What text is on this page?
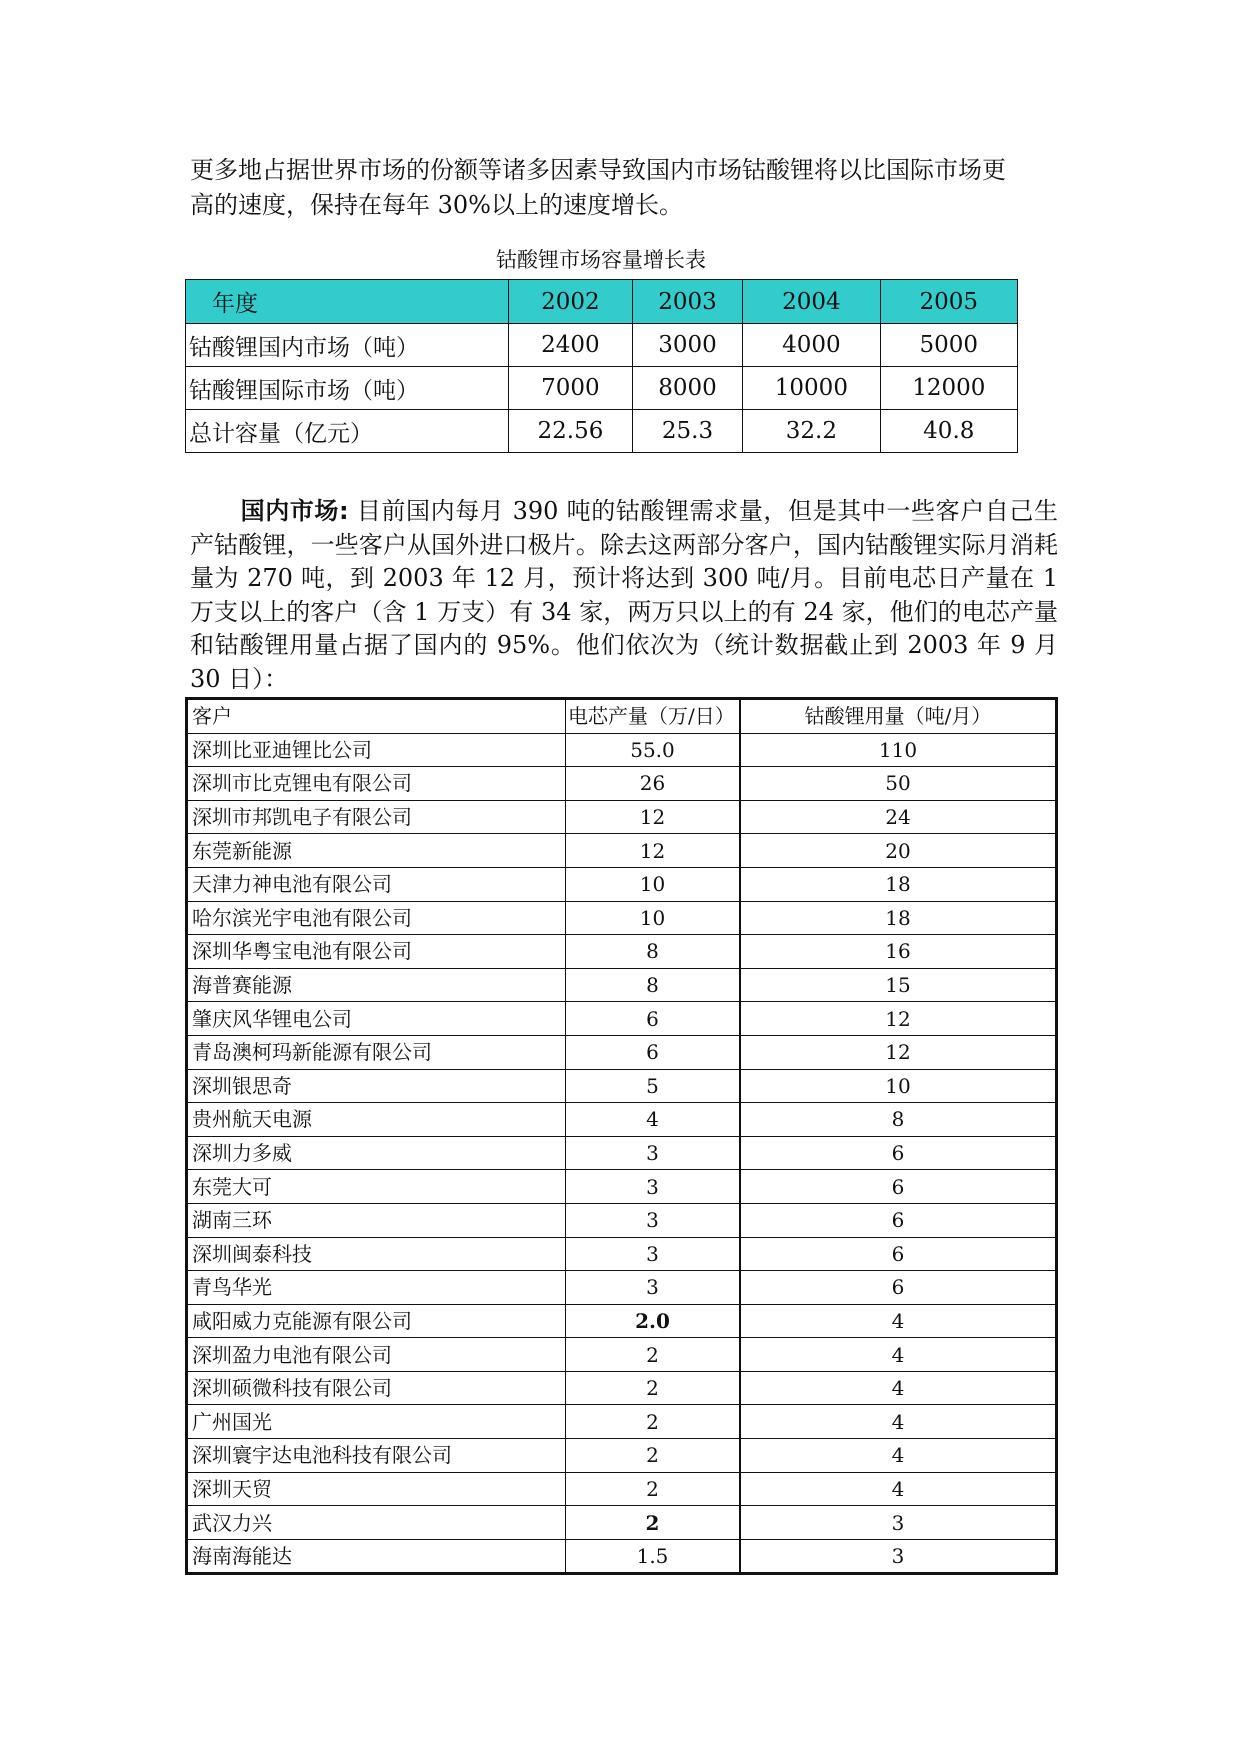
更多地占据世界市场的份额等诸多因素导致国内市场钴酸锂将以比国际市场更
高的速度，保持在每年 30%以上的速度增长。

钴酸锂市场容量增长表
年度	2002	2003	2004	2005
钴酸锂国内市场（吨）	2400	3000	4000	5000
钴酸锂国际市场（吨）	7000	8000	10000	12000
总计容量（亿元）	22.56	25.3	32.2	40.8

国内市场: 目前国内每月 390 吨的钴酸锂需求量，但是其中一些客户自己生产钴酸锂，一些客户从国外进口极片。除去这两部分客户，国内钴酸锂实际月消耗量为 270 吨，到 2003 年 12 月，预计将达到 300 吨/月。目前电芯日产量在 1 万支以上的客户（含 1 万支）有 34 家，两万只以上的有 24 家，他们的电芯产量和钴酸锂用量占据了国内的 95%。他们依次为（统计数据截止到 2003 年 9 月 30 日）：

客户	电芯产量（万/日）	钴酸锂用量（吨/月）
深圳比亚迪锂比公司	55.0	110
深圳市比克锂电有限公司	26	50
深圳市邦凯电子有限公司	12	24
东莞新能源	12	20
天津力神电池有限公司	10	18
哈尔滨光宇电池有限公司	10	18
深圳华粤宝电池有限公司	8	16
海普赛能源	8	15
肇庆风华锂电公司	6	12
青岛澳柯玛新能源有限公司	6	12
深圳银思奇	5	10
贵州航天电源	4	8
深圳力多威	3	6
东莞大可	3	6
湖南三环	3	6
深圳闽泰科技	3	6
青鸟华光	3	6
咸阳威力克能源有限公司	2.0	4
深圳盈力电池有限公司	2	4
深圳硕微科技有限公司	2	4
广州国光	2	4
深圳寰宇达电池科技有限公司	2	4
深圳天贸	2	4
武汉力兴	2	3
海南海能达	1.5	3
